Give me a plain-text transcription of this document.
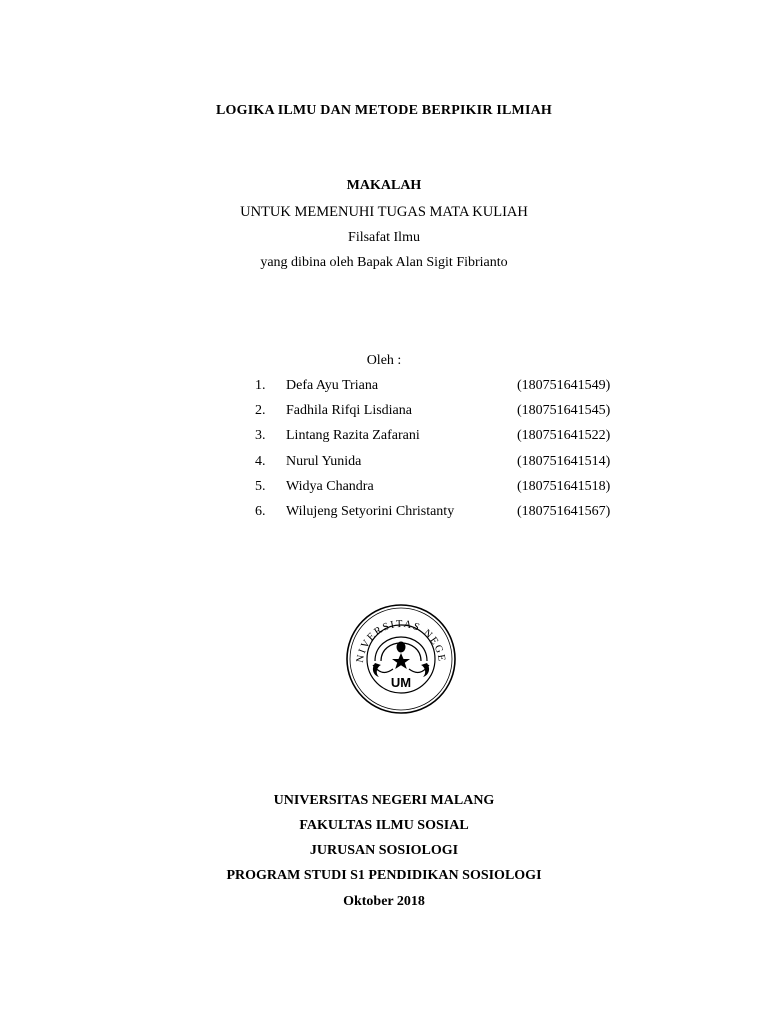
LOGIKA ILMU DAN METODE BERPIKIR ILMIAH
MAKALAH
UNTUK MEMENUHI TUGAS MATA KULIAH
Filsafat Ilmu
yang dibina oleh Bapak Alan Sigit Fibrianto
Oleh :
1. Defa Ayu Triana	(180751641549)
2. Fadhila Rifqi Lisdiana	(180751641545)
3. Lintang Razita Zafarani	(180751641522)
4. Nurul Yunida	(180751641514)
5. Widya Chandra	(180751641518)
6. Wilujeng Setyorini Christanty	(180751641567)
NIVERSITAS NEGE
UM
UNIVERSITAS NEGERI MALANG
FAKULTAS ILMU SOSIAL
JURUSAN SOSIOLOGI
PROGRAM STUDI S1 PENDIDIKAN SOSIOLOGI
Oktober 2018
